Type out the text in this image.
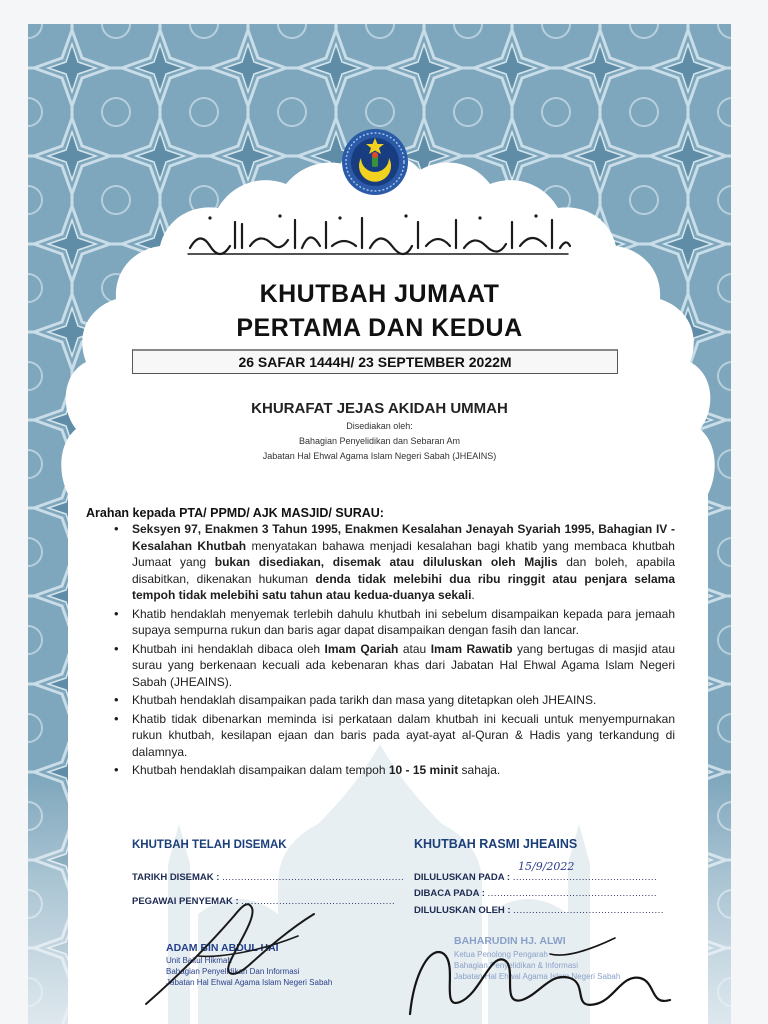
KHUTBAH JUMAAT
PERTAMA DAN KEDUA
26 SAFAR 1444H/ 23 SEPTEMBER 2022M
KHURAFAT JEJAS AKIDAH UMMAH
Disediakan oleh:
Bahagian Penyelidikan dan Sebaran Am
Jabatan Hal Ehwal Agama Islam Negeri Sabah (JHEAINS)
Arahan kepada PTA/ PPMD/ AJK MASJID/ SURAU:
• Seksyen 97, Enakmen 3 Tahun 1995, Enakmen Kesalahan Jenayah Syariah 1995, Bahagian IV - Kesalahan Khutbah menyatakan bahawa menjadi kesalahan bagi khatib yang membaca khutbah Jumaat yang bukan disediakan, disemak atau diluluskan oleh Majlis dan boleh, apabila disabitkan, dikenakan hukuman denda tidak melebihi dua ribu ringgit atau penjara selama tempoh tidak melebihi satu tahun atau kedua-duanya sekali.
• Khatib hendaklah menyemak terlebih dahulu khutbah ini sebelum disampaikan kepada para jemaah supaya sempurna rukun dan baris agar dapat disampaikan dengan fasih dan lancar.
• Khutbah ini hendaklah dibaca oleh Imam Qariah atau Imam Rawatib yang bertugas di masjid atau surau yang berkenaan kecuali ada kebenaran khas dari Jabatan Hal Ehwal Agama Islam Negeri Sabah (JHEAINS).
• Khutbah hendaklah disampaikan pada tarikh dan masa yang ditetapkan oleh JHEAINS.
• Khatib tidak dibenarkan meminda isi perkataan dalam khutbah ini kecuali untuk menyempurnakan rukun khutbah, kesilapan ejaan dan baris pada ayat-ayat al-Quran & Hadis yang terkandung di dalamnya.
• Khutbah hendaklah disampaikan dalam tempoh 10 - 15 minit sahaja.
KHUTBAH TELAH DISEMAK
TARIKH DISEMAK : ..........................................................
PEGAWAI PENYEMAK : .................................................
ADAM BIN ABDUL HAI
Unit Baitul Hikmah
Bahagian Penyelidikan Dan Informasi
Jabatan Hal Ehwal Agama Islam Negeri Sabah
KHUTBAH RASMI JHEAINS
DILULUSKAN PADA : ..............................................
15/9/2022
DIBACA PADA : ......................................................
DILULUSKAN OLEH : ................................................
BAHARUDIN HJ. ALWI
Ketua Penolong Pengarah
Bahagian Penyelidikan & Informasi
Jabatan Hal Ehwal Agama Islam Negeri Sabah
